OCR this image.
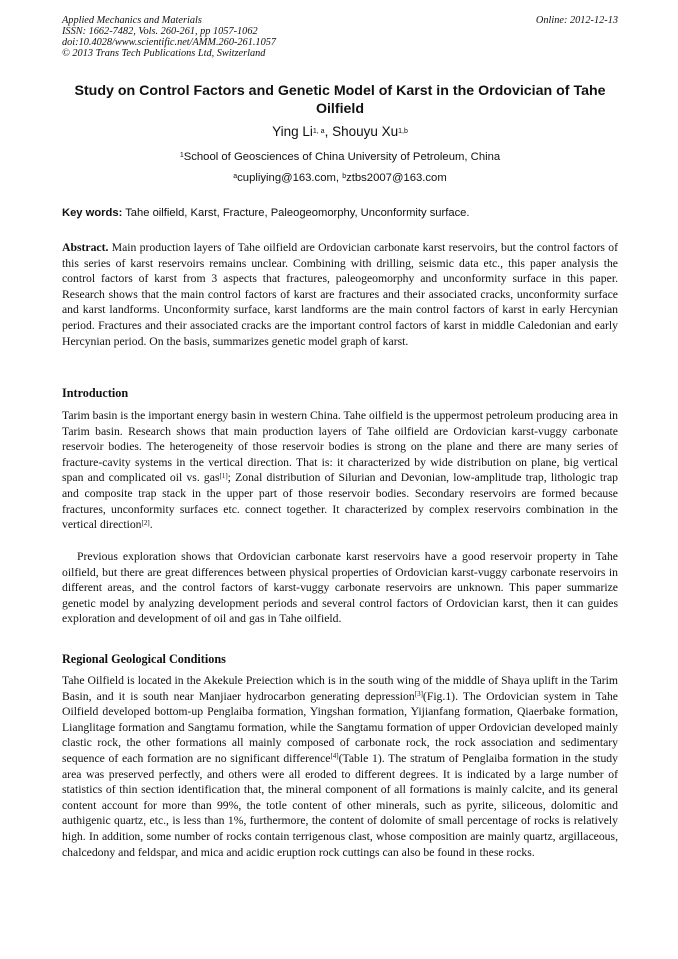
Applied Mechanics and Materials
ISSN: 1662-7482, Vols. 260-261, pp 1057-1062
doi:10.4028/www.scientific.net/AMM.260-261.1057
© 2013 Trans Tech Publications Ltd, Switzerland
Online: 2012-12-13
Study on Control Factors and Genetic Model of Karst in the Ordovician of Tahe Oilfield
Ying Li$^{1, a}$, Shouyu Xu$^{1,b}$
$^1$School of Geosciences of China University of Petroleum, China
$^a$cupliying@163.com, $^b$ztbs2007@163.com
Key words: Tahe oilfield, Karst, Fracture, Paleogeomorphy, Unconformity surface.
Abstract. Main production layers of Tahe oilfield are Ordovician carbonate karst reservoirs, but the control factors of this series of karst reservoirs remains unclear. Combining with drilling, seismic data etc., this paper analysis the control factors of karst from 3 aspects that fractures, paleogeomorphy and unconformity surface in this paper. Research shows that the main control factors of karst are fractures and their associated cracks, unconformity surface and karst landforms. Unconformity surface, karst landforms are the main control factors of karst in early Hercynian period. Fractures and their associated cracks are the important control factors of karst in middle Caledonian and early Hercynian period. On the basis, summarizes genetic model graph of karst.
Introduction
Tarim basin is the important energy basin in western China. Tahe oilfield is the uppermost petroleum producing area in Tarim basin. Research shows that main production layers of Tahe oilfield are Ordovician karst-vuggy carbonate reservoir bodies. The heterogeneity of those reservoir bodies is strong on the plane and there are many series of fracture-cavity systems in the vertical direction. That is: it characterized by wide distribution on plane, big vertical span and complicated oil vs. gas[1]; Zonal distribution of Silurian and Devonian, low-amplitude trap, lithologic trap and composite trap stack in the upper part of those reservoir bodies. Secondary reservoirs are formed because fractures, unconformity surfaces etc. connect together. It characterized by complex reservoirs combination in the vertical direction[2].
Previous exploration shows that Ordovician carbonate karst reservoirs have a good reservoir property in Tahe oilfield, but there are great differences between physical properties of Ordovician karst-vuggy carbonate reservoirs in different areas, and the control factors of karst-vuggy carbonate reservoirs are unknown. This paper summarize genetic model by analyzing development periods and several control factors of Ordovician karst, then it can guides exploration and development of oil and gas in Tahe oilfield.
Regional Geological Conditions
Tahe Oilfield is located in the Akekule Preiection which is in the south wing of the middle of Shaya uplift in the Tarim Basin, and it is south near Manjiaer hydrocarbon generating depression[3](Fig.1). The Ordovician system in Tahe Oilfield developed bottom-up Penglaiba formation, Yingshan formation, Yijianfang formation, Qiaerbake formation, Lianglitage formation and Sangtamu formation, while the Sangtamu formation of upper Ordovician developed mainly clastic rock, the other formations all mainly composed of carbonate rock, the rock association and sedimentary sequence of each formation are no significant difference[4](Table 1). The stratum of Penglaiba formation in the study area was preserved perfectly, and others were all eroded to different degrees. It is indicated by a large number of statistics of thin section identification that, the mineral component of all formations is mainly calcite, and its general content account for more than 99%, the totle content of other minerals, such as pyrite, siliceous, dolomitic and authigenic quartz, etc., is less than 1%, furthermore, the content of dolomite of small percentage of rocks is relatively high. In addition, some number of rocks contain terrigenous clast, whose composition are mainly quartz, argillaceous, chalcedony and feldspar, and mica and acidic eruption rock cuttings can also be found in these rocks.
